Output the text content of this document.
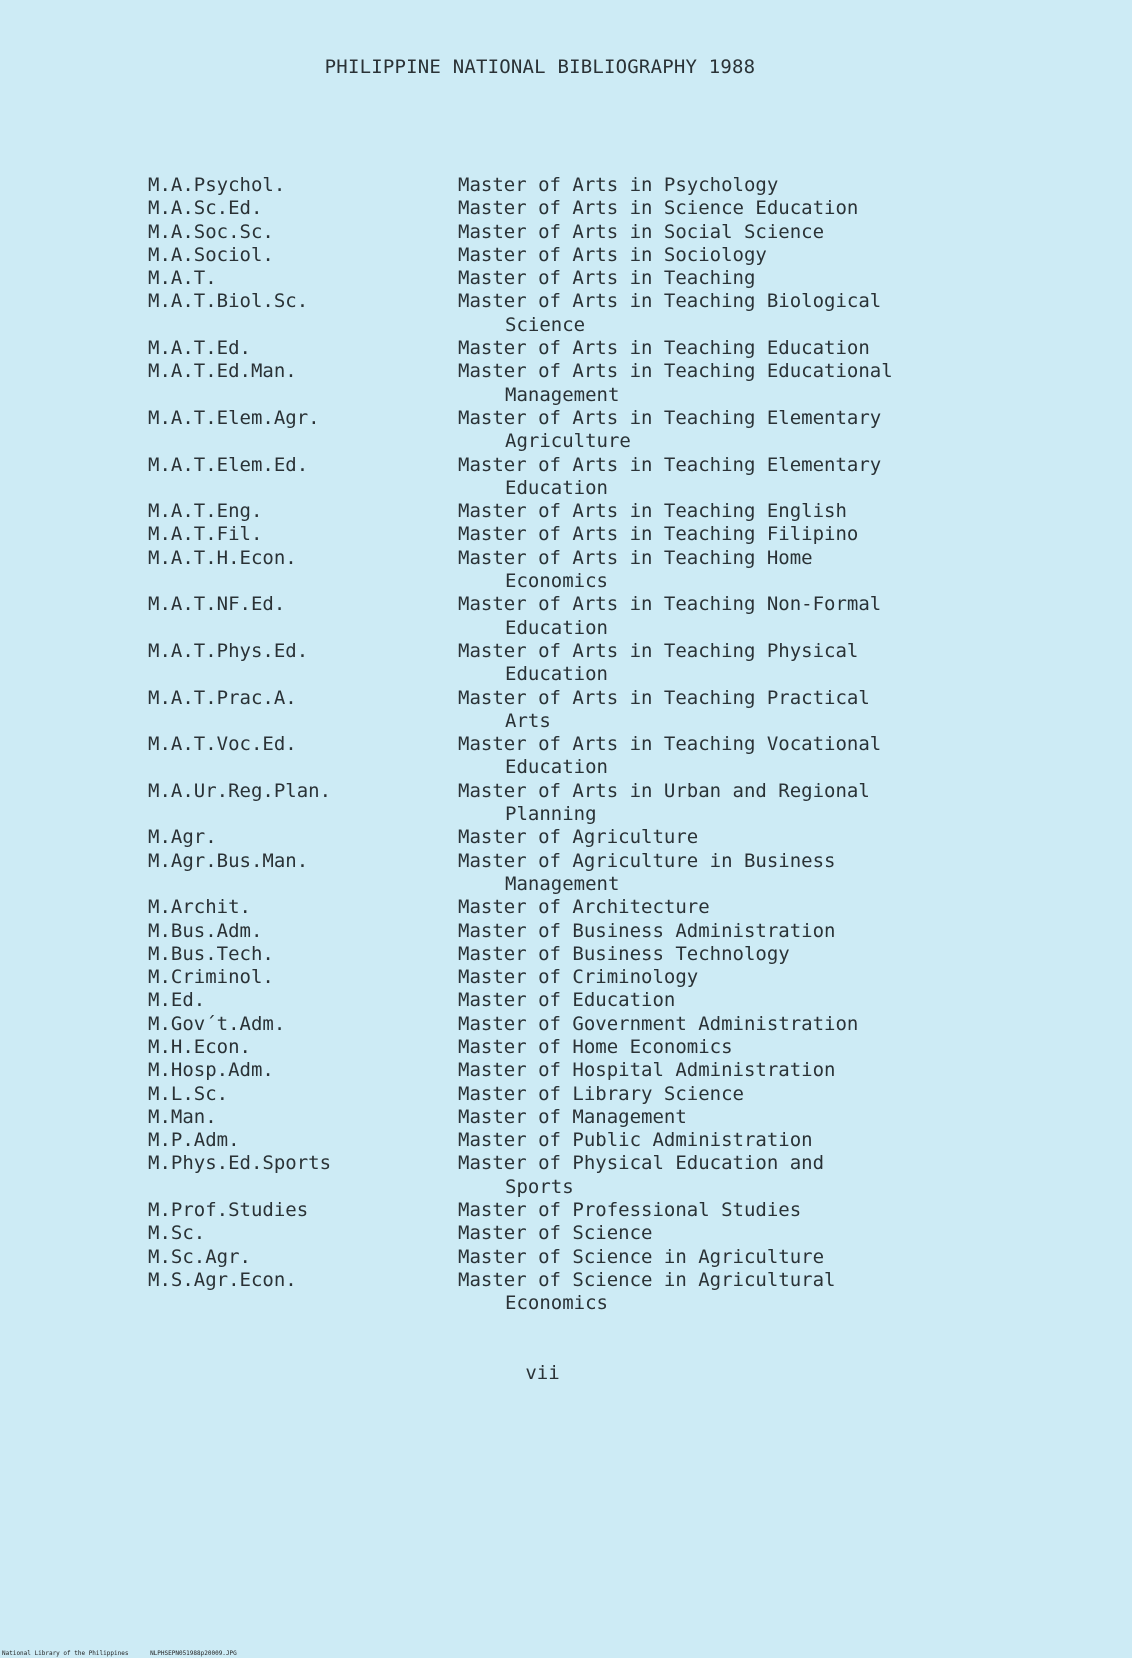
PHILIPPINE NATIONAL BIBLIOGRAPHY 1988
M.A.Psychol.	Master of Arts in Psychology
M.A.Sc.Ed.	Master of Arts in Science Education
M.A.Soc.Sc.	Master of Arts in Social Science
M.A.Sociol.	Master of Arts in Sociology
M.A.T.	Master of Arts in Teaching
M.A.T.Biol.Sc.	Master of Arts in Teaching Biological
Science
M.A.T.Ed.	Master of Arts in Teaching Education
M.A.T.Ed.Man.	Master of Arts in Teaching Educational
Management
M.A.T.Elem.Agr.	Master of Arts in Teaching Elementary
Agriculture
M.A.T.Elem.Ed.	Master of Arts in Teaching Elementary
Education
M.A.T.Eng.	Master of Arts in Teaching English
M.A.T.Fil.	Master of Arts in Teaching Filipino
M.A.T.H.Econ.	Master of Arts in Teaching Home
Economics
M.A.T.NF.Ed.	Master of Arts in Teaching Non-Formal
Education
M.A.T.Phys.Ed.	Master of Arts in Teaching Physical
Education
M.A.T.Prac.A.	Master of Arts in Teaching Practical
Arts
M.A.T.Voc.Ed.	Master of Arts in Teaching Vocational
Education
M.A.Ur.Reg.Plan.	Master of Arts in Urban and Regional
Planning
M.Agr.	Master of Agriculture
M.Agr.Bus.Man.	Master of Agriculture in Business
Management
M.Archit.	Master of Architecture
M.Bus.Adm.	Master of Business Administration
M.Bus.Tech.	Master of Business Technology
M.Criminol.	Master of Criminology
M.Ed.	Master of Education
M.Gov´t.Adm.	Master of Government Administration
M.H.Econ.	Master of Home Economics
M.Hosp.Adm.	Master of Hospital Administration
M.L.Sc.	Master of Library Science
M.Man.	Master of Management
M.P.Adm.	Master of Public Administration
M.Phys.Ed.Sports	Master of Physical Education and
Sports
M.Prof.Studies	Master of Professional Studies
M.Sc.	Master of Science
M.Sc.Agr.	Master of Science in Agriculture
M.S.Agr.Econ.	Master of Science in Agricultural
Economics
vii
National Library of the Philippines	NLPHSEPN051988p20009.JPG
